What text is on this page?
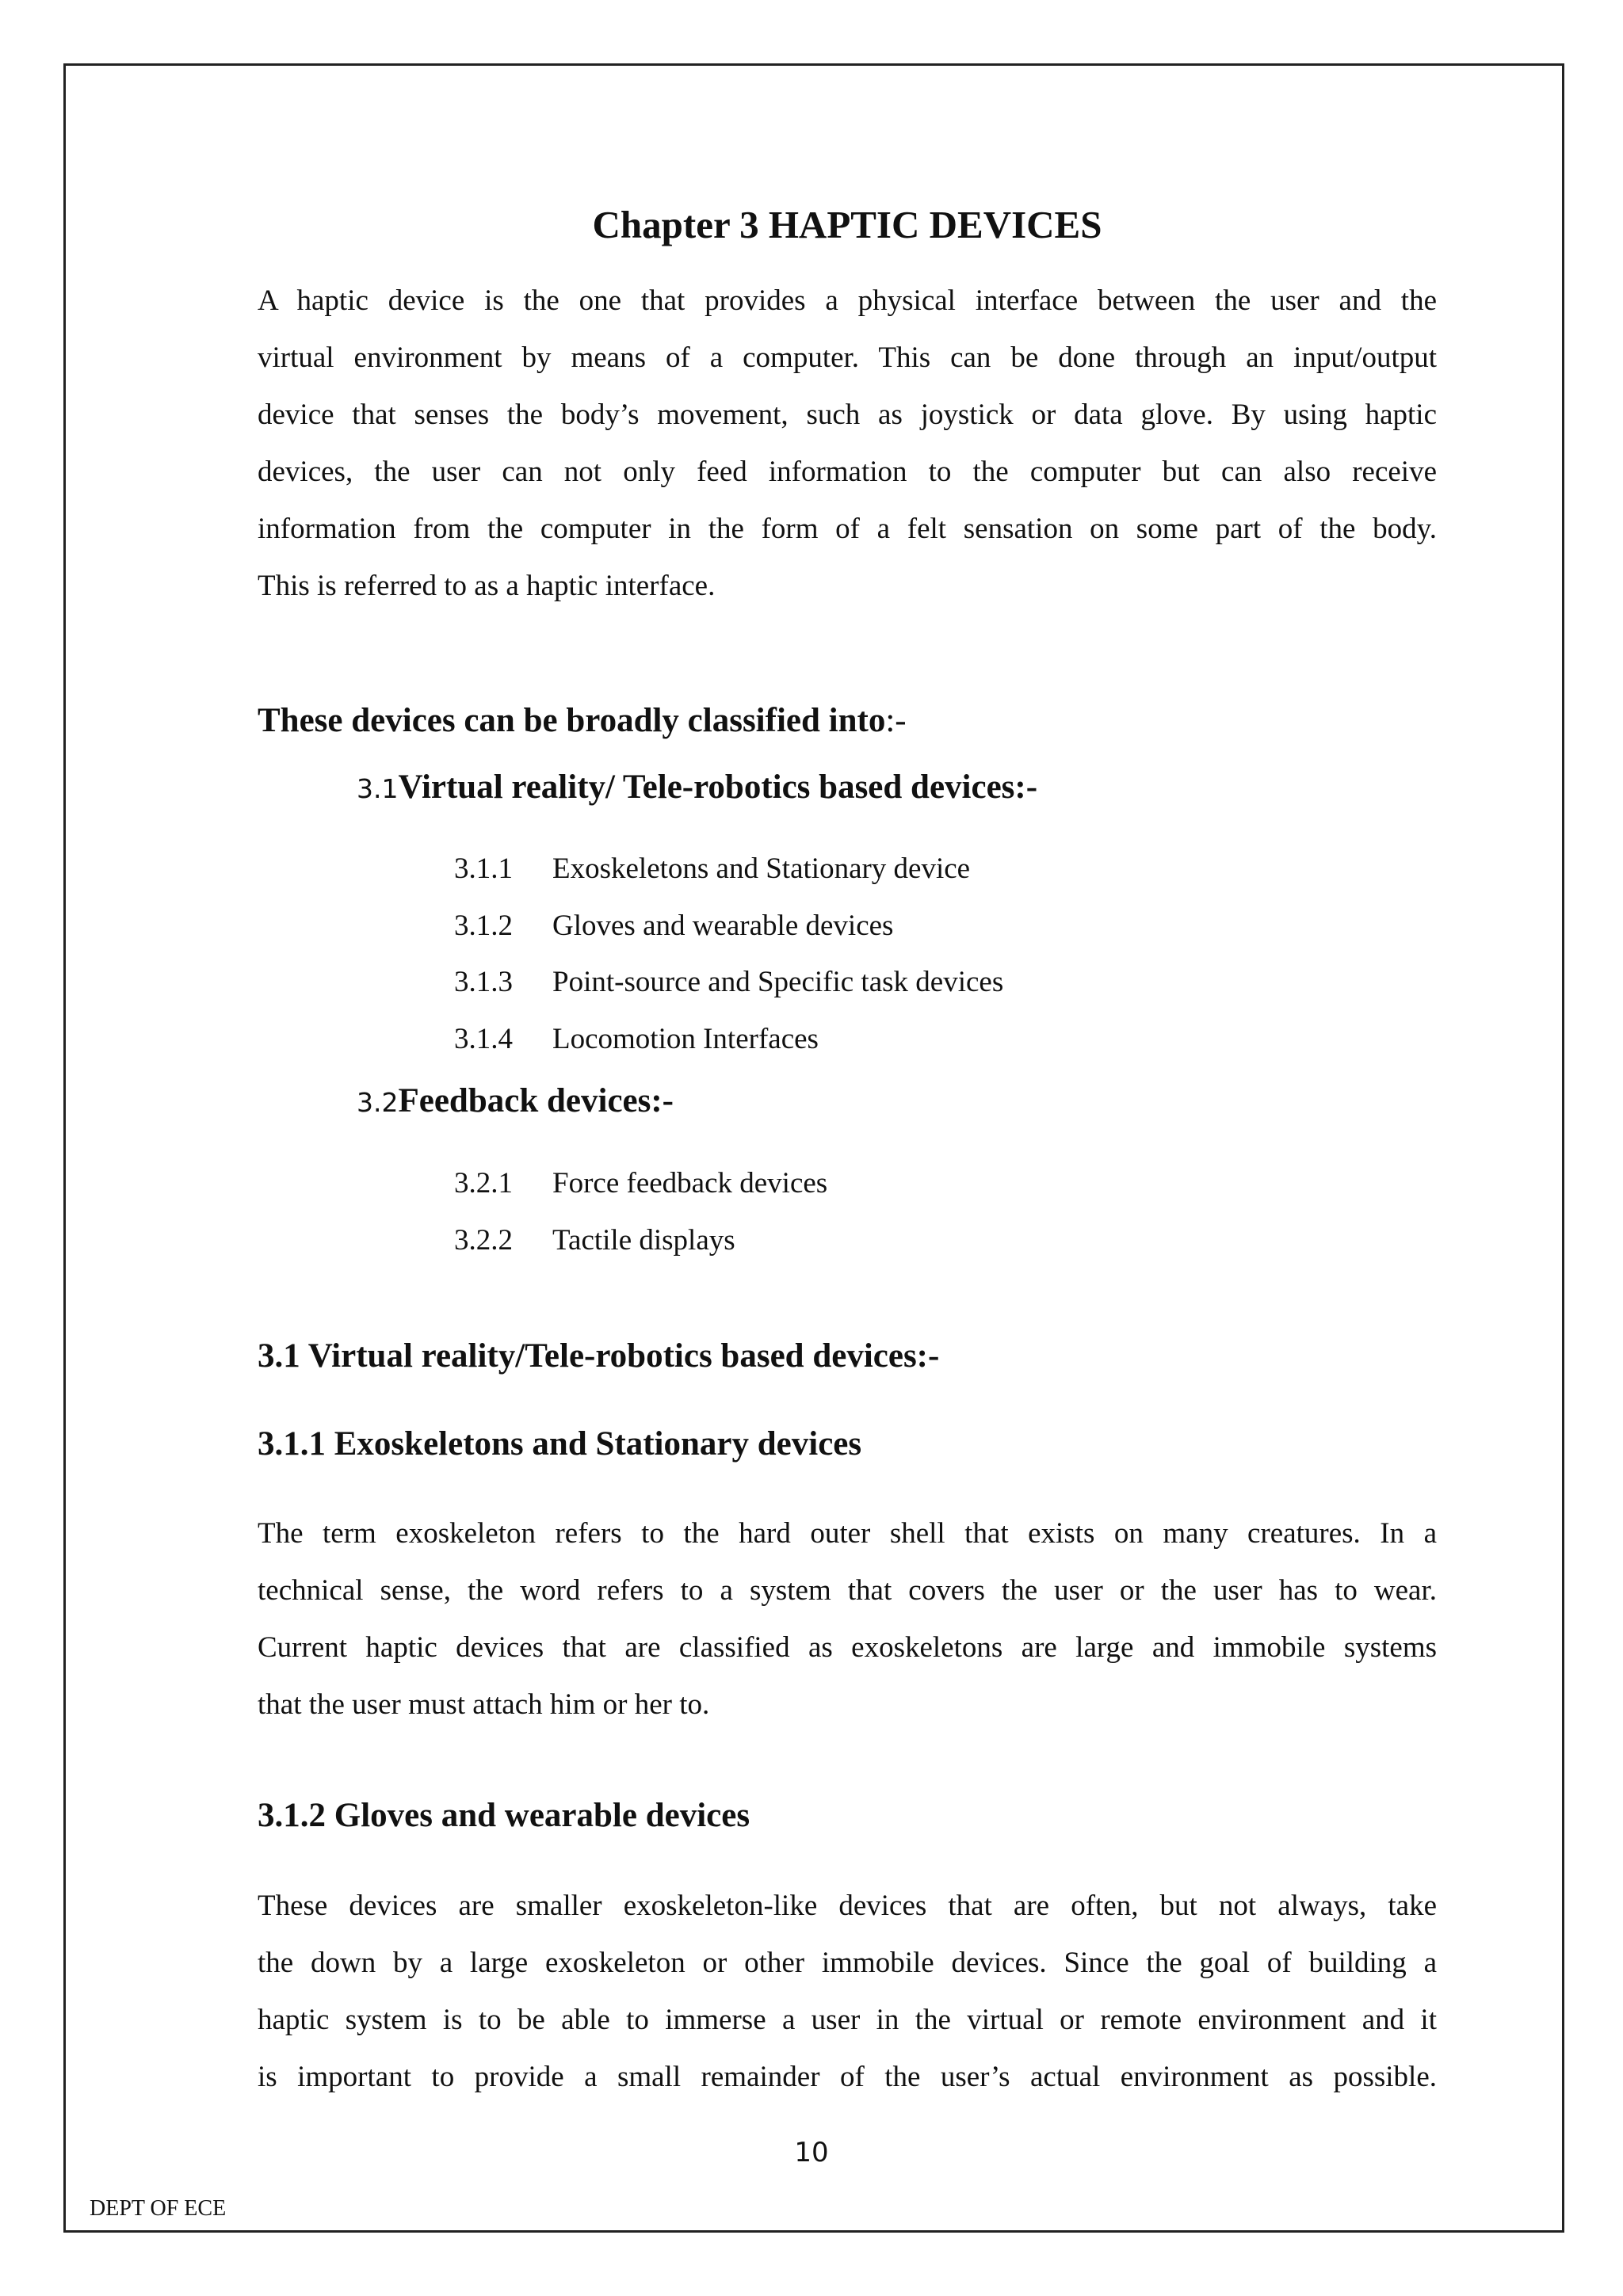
Chapter 3 HAPTIC DEVICES
A haptic device is the one that provides a physical interface between the user and the
virtual environment by means of a computer. This can be done through an input/output
device that senses the body’s movement, such as joystick or data glove. By using haptic
devices, the user can not only feed information to the computer but can also receive
information from the computer in the form of a felt sensation on some part of the body.
This is referred to as a haptic interface.
These devices can be broadly classified into:-
3.1Virtual reality/ Tele-robotics based devices:-
3.1.1 Exoskeletons and Stationary device
3.1.2 Gloves and wearable devices
3.1.3 Point-source and Specific task devices
3.1.4 Locomotion Interfaces
3.2Feedback devices:-
3.2.1 Force feedback devices
3.2.2 Tactile displays
3.1 Virtual reality/Tele-robotics based devices:-
3.1.1 Exoskeletons and Stationary devices
The term exoskeleton refers to the hard outer shell that exists on many creatures. In a
technical sense, the word refers to a system that covers the user or the user has to wear.
Current haptic devices that are classified as exoskeletons are large and immobile systems
that the user must attach him or her to.
3.1.2 Gloves and wearable devices
These devices are smaller exoskeleton-like devices that are often, but not always, take
the down by a large exoskeleton or other immobile devices. Since the goal of building a
haptic system is to be able to immerse a user in the virtual or remote environment and it
is important to provide a small remainder of the user’s actual environment as possible.
10
DEPT OF ECE
